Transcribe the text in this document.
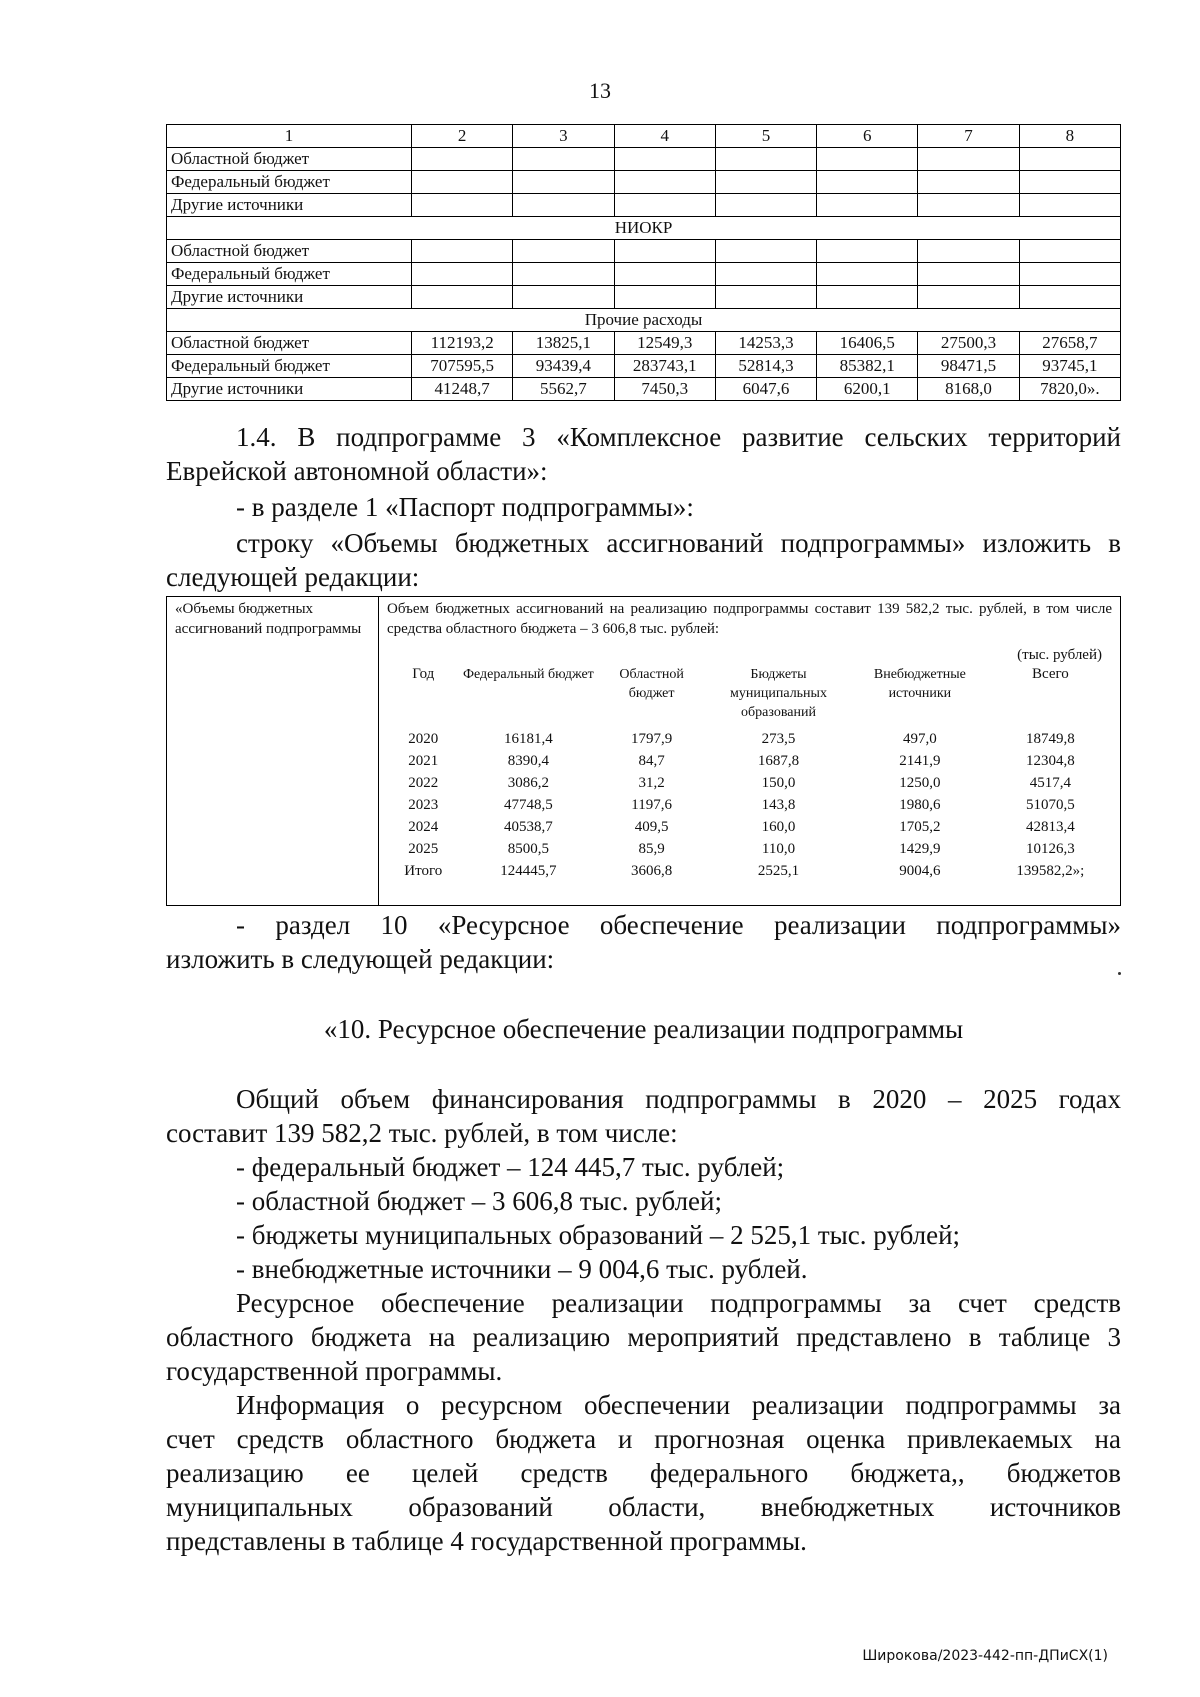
13
1	2	3	4	5	6	7	8
Областной бюджет							
Федеральный бюджет							
Другие источники							
НИОКР							
Областной бюджет							
Федеральный бюджет							
Другие источники							
Прочие расходы							
Областной бюджет	112193,2	13825,1	12549,3	14253,3	16406,5	27500,3	27658,7
Федеральный бюджет	707595,5	93439,4	283743,1	52814,3	85382,1	98471,5	93745,1
Другие источники	41248,7	5562,7	7450,3	6047,6	6200,1	8168,0	7820,0».

1.4. В подпрограмме 3 «Комплексное развитие сельских территорий

Еврейской автономной области»:

- в разделе 1 «Паспорт подпрограммы»:

строку «Объемы бюджетных ассигнований подпрограммы» изложить в

следующей редакции:

«Объемы бюджетных ассигнований подпрограммы
Объем бюджетных ассигнований на реализацию подпрограммы составит 139 582,2 тыс. рублей, в том числе средства областного бюджета – 3 606,8 тыс. рублей:
(тыс. рублей)
Год	Федеральный бюджет	Областной бюджет	Бюджеты муниципальных образований	Внебюджетные источники	Всего
2020	16181,4	1797,9	273,5	497,0	18749,8
2021	8390,4	84,7	1687,8	2141,9	12304,8
2022	3086,2	31,2	150,0	1250,0	4517,4
2023	47748,5	1197,6	143,8	1980,6	51070,5
2024	40538,7	409,5	160,0	1705,2	42813,4
2025	8500,5	85,9	110,0	1429,9	10126,3
Итого	124445,7	3606,8	2525,1	9004,6	139582,2»;

- раздел 10 «Ресурсное обеспечение реализации подпрограммы»

изложить в следующей редакции:

«10. Ресурсное обеспечение реализации подпрограммы

Общий объем финансирования подпрограммы в 2020 – 2025 годах

составит 139 582,2 тыс. рублей, в том числе:

- федеральный бюджет – 124 445,7 тыс. рублей;

- областной бюджет – 3 606,8 тыс. рублей;

- бюджеты муниципальных образований – 2 525,1 тыс. рублей;

- внебюджетные источники – 9 004,6 тыс. рублей.

Ресурсное обеспечение реализации подпрограммы за счет средств

областного бюджета на реализацию мероприятий представлено в таблице 3

государственной программы.

Информация о ресурсном обеспечении реализации подпрограммы за

счет средств областного бюджета и прогнозная оценка привлекаемых на

реализацию ее целей средств федерального бюджета,, бюджетов

муниципальных образований области, внебюджетных источников

представлены в таблице 4 государственной программы.

Широкова/2023-442-пп-ДПиСХ(1)
